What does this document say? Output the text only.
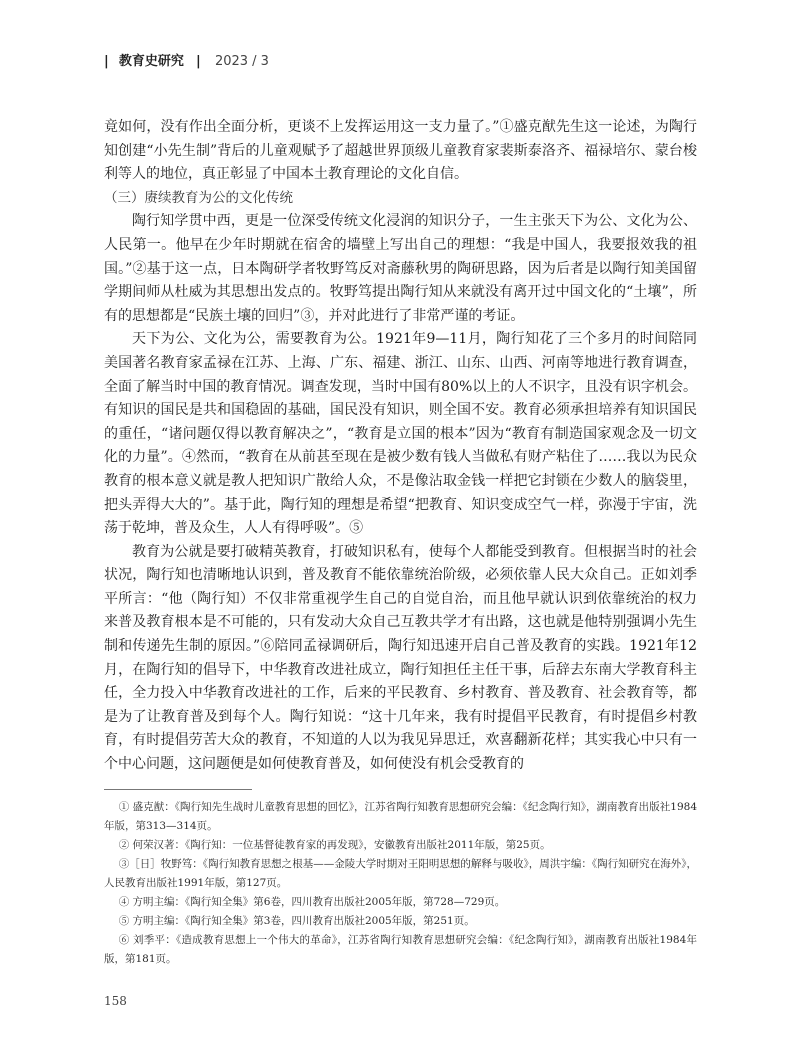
| 教育史研究 | 2023 / 3

竟如何，没有作出全面分析，更谈不上发挥运用这一支力量了。”①盛克猷先生这一论述，为陶行知创建“小先生制”背后的儿童观赋予了超越世界顶级儿童教育家裴斯泰洛齐、福禄培尔、蒙台梭利等人的地位，真正彰显了中国本土教育理论的文化自信。

（三）赓续教育为公的文化传统

陶行知学贯中西，更是一位深受传统文化浸润的知识分子，一生主张天下为公、文化为公、人民第一。他早在少年时期就在宿舍的墙壁上写出自己的理想：“我是中国人，我要报效我的祖国。”②基于这一点，日本陶研学者牧野笃反对斋藤秋男的陶研思路，因为后者是以陶行知美国留学期间师从杜威为其思想出发点的。牧野笃提出陶行知从来就没有离开过中国文化的“土壤”，所有的思想都是“民族土壤的回归”③，并对此进行了非常严谨的考证。

天下为公、文化为公，需要教育为公。1921年9—11月，陶行知花了三个多月的时间陪同美国著名教育家孟禄在江苏、上海、广东、福建、浙江、山东、山西、河南等地进行教育调查，全面了解当时中国的教育情况。调查发现，当时中国有80%以上的人不识字，且没有识字机会。有知识的国民是共和国稳固的基础，国民没有知识，则全国不安。教育必须承担培养有知识国民的重任，“诸问题仅得以教育解决之”，“教育是立国的根本”因为“教育有制造国家观念及一切文化的力量”。④然而，“教育在从前甚至现在是被少数有钱人当做私有财产粘住了……我以为民众教育的根本意义就是教人把知识广散给人众，不是像沾取金钱一样把它封锁在少数人的脑袋里，把头弄得大大的”。基于此，陶行知的理想是希望“把教育、知识变成空气一样，弥漫于宇宙，洗荡于乾坤，普及众生，人人有得呼吸”。⑤

教育为公就是要打破精英教育，打破知识私有，使每个人都能受到教育。但根据当时的社会状况，陶行知也清晰地认识到，普及教育不能依靠统治阶级，必须依靠人民大众自己。正如刘季平所言：“他（陶行知）不仅非常重视学生自己的自觉自治，而且他早就认识到依靠统治的权力来普及教育根本是不可能的，只有发动大众自己互教共学才有出路，这也就是他特别强调小先生制和传递先生制的原因。”⑥陪同孟禄调研后，陶行知迅速开启自己普及教育的实践。1921年12月，在陶行知的倡导下，中华教育改进社成立，陶行知担任主任干事，后辞去东南大学教育科主任，全力投入中华教育改进社的工作，后来的平民教育、乡村教育、普及教育、社会教育等，都是为了让教育普及到每个人。陶行知说：“这十几年来，我有时提倡平民教育，有时提倡乡村教育，有时提倡劳苦大众的教育，不知道的人以为我见异思迁，欢喜翻新花样；其实我心中只有一个中心问题，这问题便是如何使教育普及，如何使没有机会受教育的

① 盛克猷：《陶行知先生战时儿童教育思想的回忆》，江苏省陶行知教育思想研究会编：《纪念陶行知》，湖南教育出版社1984年版，第313—314页。

② 何荣汉著：《陶行知：一位基督徒教育家的再发现》，安徽教育出版社2011年版，第25页。

③［日］牧野笃：《陶行知教育思想之根基——金陵大学时期对王阳明思想的解释与吸收》，周洪宇编：《陶行知研究在海外》，人民教育出版社1991年版，第127页。

④ 方明主编：《陶行知全集》第6卷，四川教育出版社2005年版，第728—729页。

⑤ 方明主编：《陶行知全集》第3卷，四川教育出版社2005年版，第251页。

⑥ 刘季平：《造成教育思想上一个伟大的革命》，江苏省陶行知教育思想研究会编：《纪念陶行知》，湖南教育出版社1984年版，第181页。

158
